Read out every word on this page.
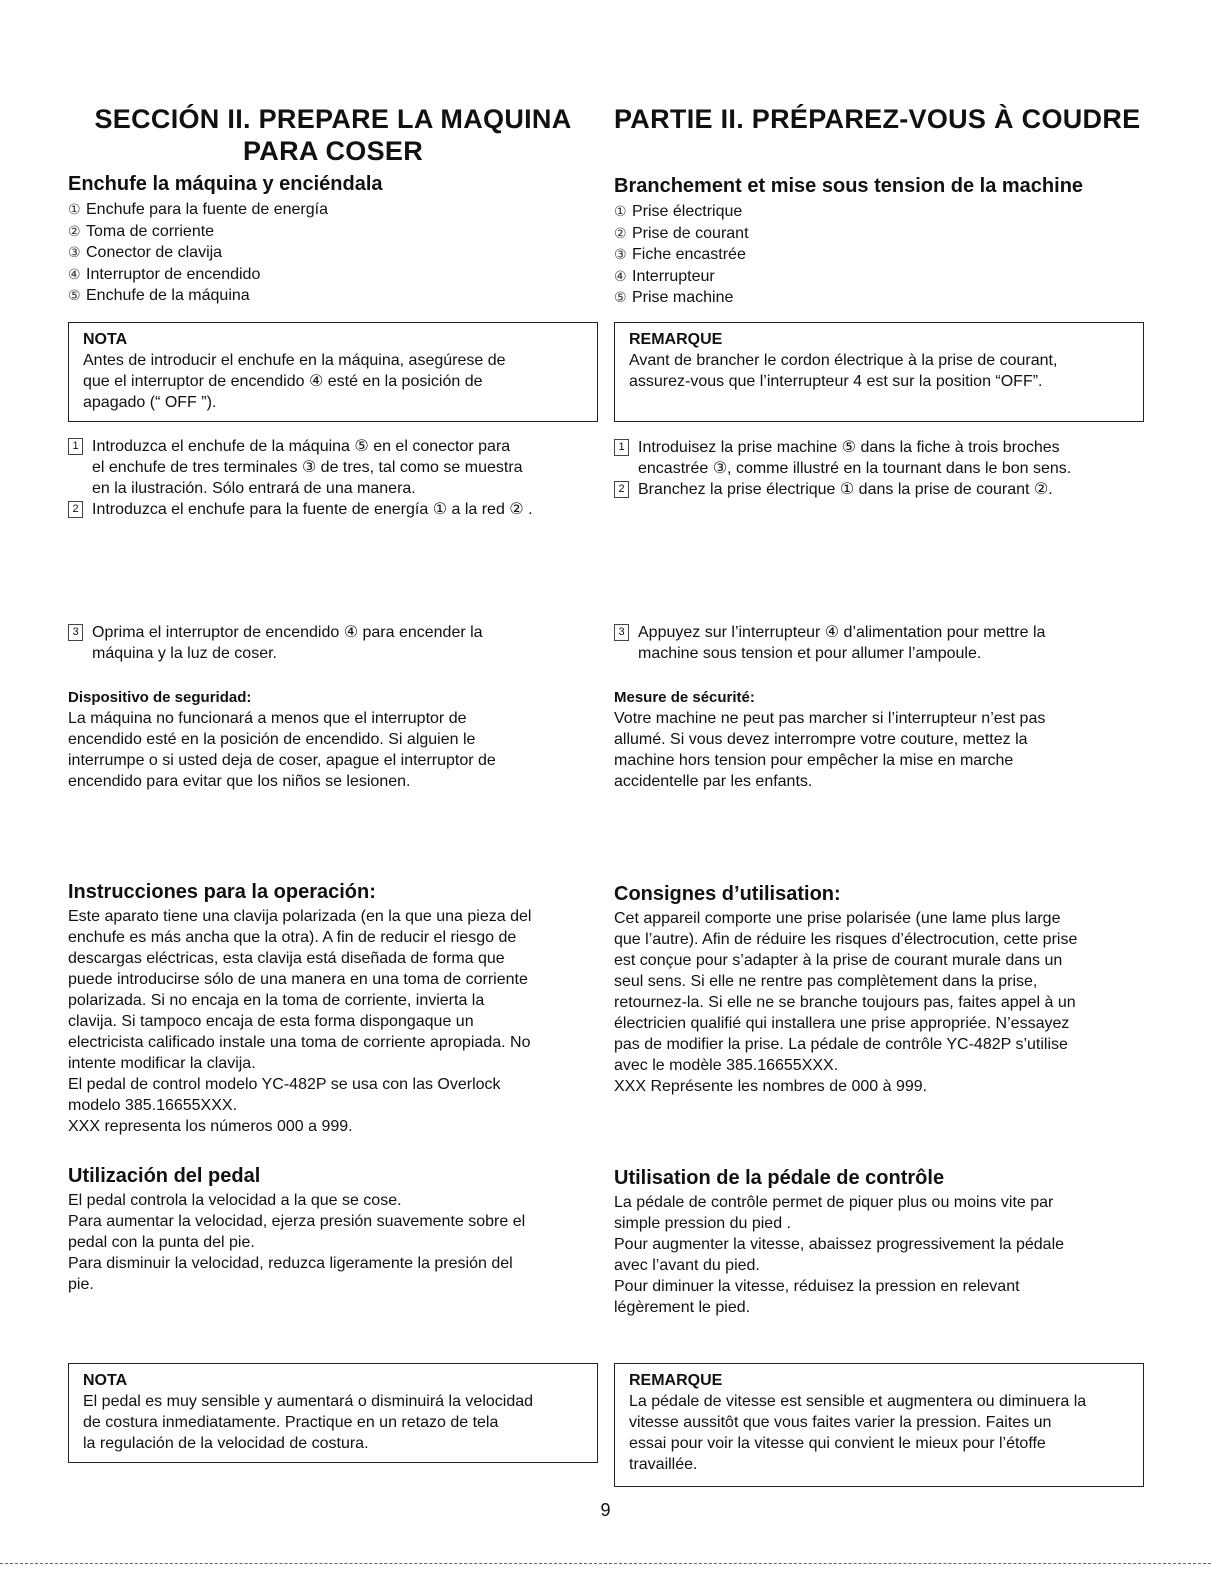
SECCIÓN II. PREPARE LA MAQUINA
PARA COSER
Enchufe la máquina y enciéndala
① Enchufe para la fuente de energía
② Toma de corriente
③ Conector de clavija
④ Interruptor de encendido
⑤ Enchufe de la máquina
NOTA

Antes de introducir el enchufe en la máquina, asegúrese de

que el interruptor de encendido ④ esté en la posición de

apagado (“ OFF ”).

1 Introduzca el enchufe de la máquina ⑤ en el conector para
el enchufe de tres terminales ③ de tres, tal como se muestra
en la ilustración. Sólo entrará de una manera.
2 Introduzca el enchufe para la fuente de energía ① a la red ② .
3 Oprima el interruptor de encendido ④ para encender la
máquina y la luz de coser.
Dispositivo de seguridad:

La máquina no funcionará a menos que el interruptor de

encendido esté en la posición de encendido. Si alguien le

interrumpe o si usted deja de coser, apague el interruptor de

encendido para evitar que los niños se lesionen.

Instrucciones para la operación:

Este aparato tiene una clavija polarizada (en la que una pieza del

enchufe es más ancha que la otra). A fin de reducir el riesgo de

descargas eléctricas, esta clavija está diseñada de forma que

puede introducirse sólo de una manera en una toma de corriente

polarizada. Si no encaja en la toma de corriente, invierta la

clavija. Si tampoco encaja de esta forma dispongaque un

electricista calificado instale una toma de corriente apropiada. No

intente modificar la clavija.

El pedal de control modelo YC-482P se usa con las Overlock

modelo 385.16655XXX.

XXX representa los números 000 a 999.

Utilización del pedal

El pedal controla la velocidad a la que se cose.

Para aumentar la velocidad, ejerza presión suavemente sobre el

pedal con la punta del pie.

Para disminuir la velocidad, reduzca ligeramente la presión del

pie.

NOTA

El pedal es muy sensible y aumentará o disminuirá la velocidad

de costura inmediatamente. Practique en un retazo de tela

la regulación de la velocidad de costura.

PARTIE II. PRÉPAREZ-VOUS À COUDRE
Branchement et mise sous tension de la machine
① Prise électrique
② Prise de courant
③ Fiche encastrée
④ Interrupteur
⑤ Prise machine
REMARQUE

Avant de brancher le cordon électrique à la prise de courant,

assurez-vous que l’interrupteur 4 est sur la position “OFF”.

1 Introduisez la prise machine ⑤ dans la fiche à trois broches
encastrée ③, comme illustré en la tournant dans le bon sens.
2 Branchez la prise électrique ① dans la prise de courant ②.
3 Appuyez sur l’interrupteur ④ d’alimentation pour mettre la
machine sous tension et pour allumer l’ampoule.
Mesure de sécurité:

Votre machine ne peut pas marcher si l’interrupteur n’est pas

allumé. Si vous devez interrompre votre couture, mettez la

machine hors tension pour empêcher la mise en marche

accidentelle par les enfants.

Consignes d’utilisation:

Cet appareil comporte une prise polarisée (une lame plus large

que l’autre). Afin de réduire les risques d’électrocution, cette prise

est conçue pour s’adapter à la prise de courant murale dans un

seul sens. Si elle ne rentre pas complètement dans la prise,

retournez-la. Si elle ne se branche toujours pas, faites appel à un

électricien qualifié qui installera une prise appropriée. N’essayez

pas de modifier la prise. La pédale de contrôle YC-482P s’utilise

avec le modèle 385.16655XXX.

XXX Représente les nombres de 000 à 999.

Utilisation de la pédale de contrôle

La pédale de contrôle permet de piquer plus ou moins vite par

simple pression du pied .

Pour augmenter la vitesse, abaissez progressivement la pédale

avec l’avant du pied.

Pour diminuer la vitesse, réduisez la pression en relevant

légèrement le pied.

REMARQUE

La pédale de vitesse est sensible et augmentera ou diminuera la

vitesse aussitôt que vous faites varier la pression. Faites un

essai pour voir la vitesse qui convient le mieux pour l’étoffe

travaillée.

9
